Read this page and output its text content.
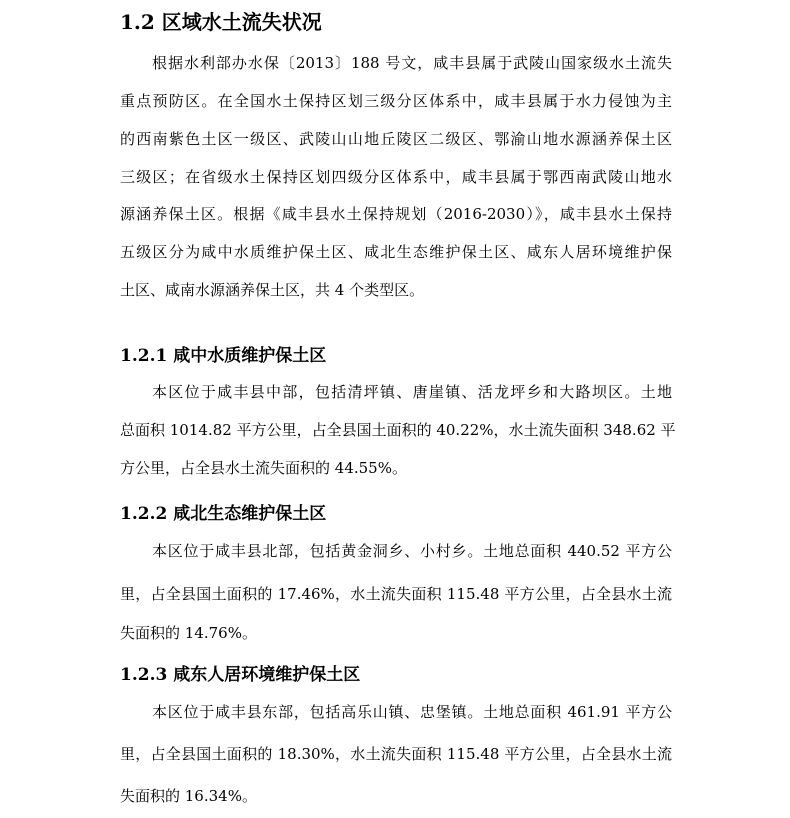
1.2 区域水土流失状况
根据水利部办水保〔2013〕188 号文，咸丰县属于武陵山国家级水土流失
重点预防区。在全国水土保持区划三级分区体系中，咸丰县属于水力侵蚀为主
的西南紫色土区一级区、武陵山山地丘陵区二级区、鄂渝山地水源涵养保土区
三级区；在省级水土保持区划四级分区体系中，咸丰县属于鄂西南武陵山地水
源涵养保土区。根据《咸丰县水土保持规划（2016-2030）》，咸丰县水土保持
五级区分为咸中水质维护保土区、咸北生态维护保土区、咸东人居环境维护保
土区、咸南水源涵养保土区，共 4 个类型区。
1.2.1 咸中水质维护保土区
本区位于咸丰县中部，包括清坪镇、唐崖镇、活龙坪乡和大路坝区。土地
总面积 1014.82 平方公里，占全县国土面积的 40.22%，水土流失面积 348.62 平
方公里，占全县水土流失面积的 44.55%。
1.2.2 咸北生态维护保土区
本区位于咸丰县北部，包括黄金洞乡、小村乡。土地总面积 440.52 平方公
里，占全县国土面积的 17.46%，水土流失面积 115.48 平方公里，占全县水土流
失面积的 14.76%。
1.2.3 咸东人居环境维护保土区
本区位于咸丰县东部，包括高乐山镇、忠堡镇。土地总面积 461.91 平方公
里，占全县国土面积的 18.30%，水土流失面积 115.48 平方公里，占全县水土流
失面积的 16.34%。
